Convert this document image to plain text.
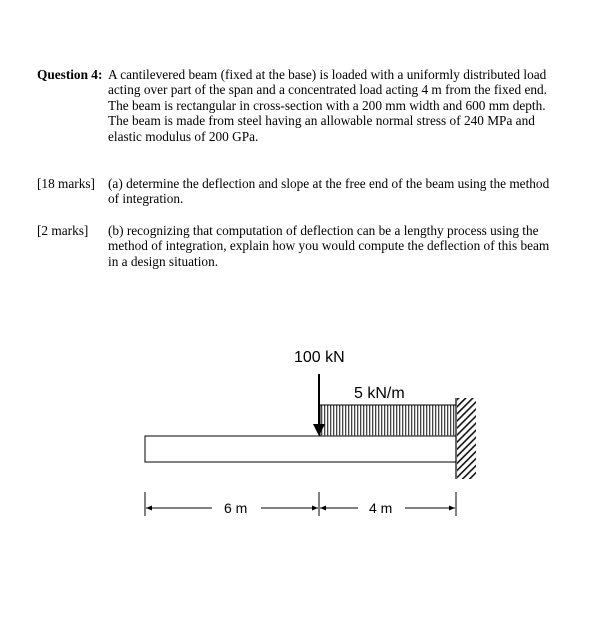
Question 4: A cantilevered beam (fixed at the base) is loaded with a uniformly distributed load
acting over part of the span and a concentrated load acting 4 m from the fixed end.
The beam is rectangular in cross-section with a 200 mm width and 600 mm depth.
The beam is made from steel having an allowable normal stress of 240 MPa and
elastic modulus of 200 GPa.
[18 marks] (a) determine the deflection and slope at the free end of the beam using the method
of integration.
[2 marks] (b) recognizing that computation of deflection can be a lengthy process using the
method of integration, explain how you would compute the deflection of this beam
in a design situation.
5 kN/m
100 kN
6 m	4 m
